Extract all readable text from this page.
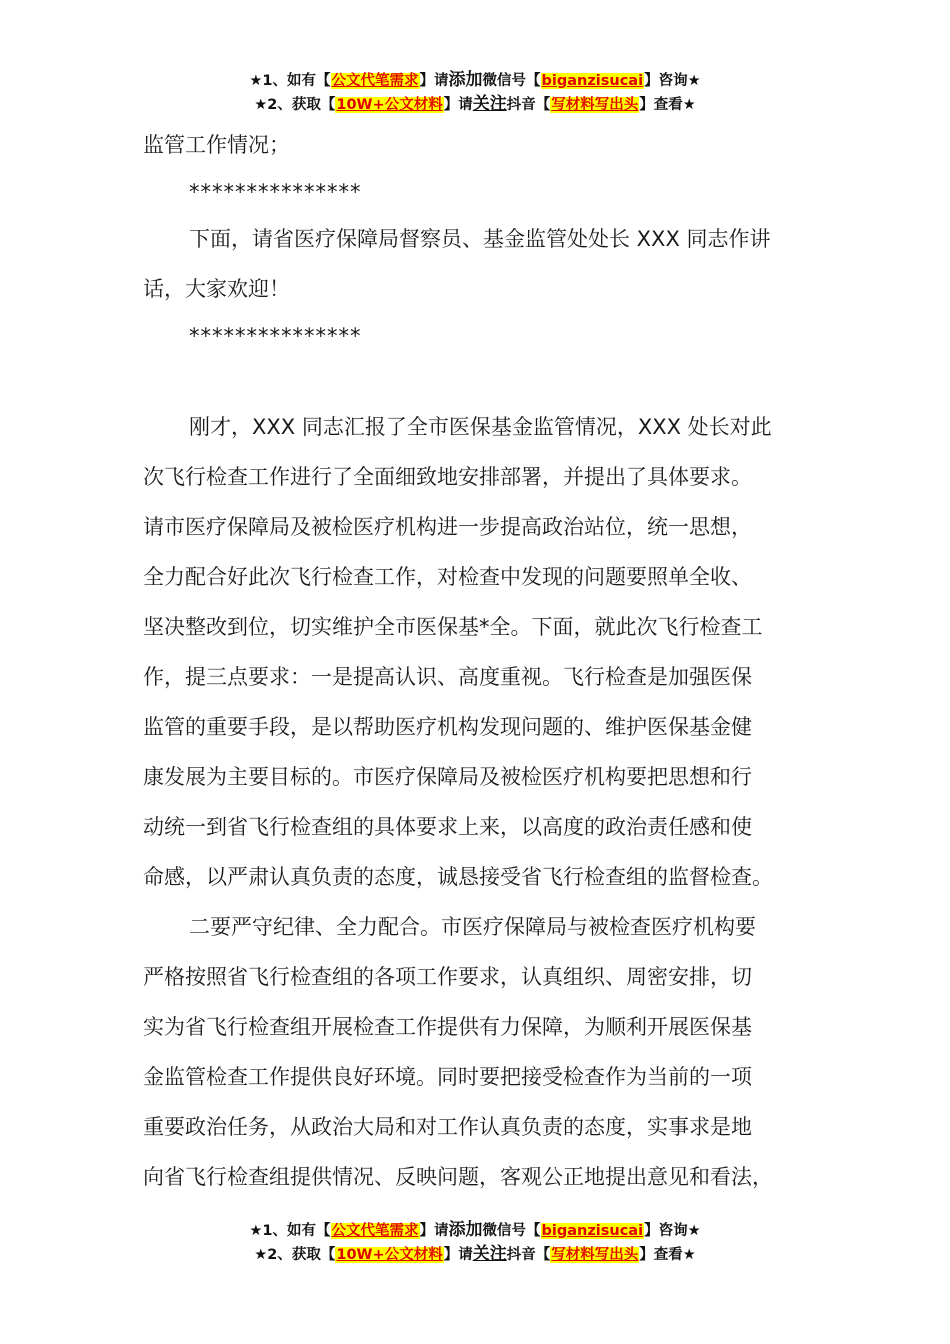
★1、如有【公文代笔需求】请添加微信号【biganzisucai】咨询★
★2、获取【10W+公文材料】请关注抖音【写材料写出头】查看★
监管工作情况；
***************
下面，请省医疗保障局督察员、基金监管处处长 XXX 同志作讲
话，大家欢迎！
***************
刚才，XXX 同志汇报了全市医保基金监管情况，XXX 处长对此
次飞行检查工作进行了全面细致地安排部署，并提出了具体要求。
请市医疗保障局及被检医疗机构进一步提高政治站位，统一思想，
全力配合好此次飞行检查工作，对检查中发现的问题要照单全收、
坚决整改到位，切实维护全市医保基*全。下面，就此次飞行检查工
作，提三点要求：一是提高认识、高度重视。飞行检查是加强医保
监管的重要手段，是以帮助医疗机构发现问题的、维护医保基金健
康发展为主要目标的。市医疗保障局及被检医疗机构要把思想和行
动统一到省飞行检查组的具体要求上来，以高度的政治责任感和使
命感，以严肃认真负责的态度，诚恳接受省飞行检查组的监督检查。
二要严守纪律、全力配合。市医疗保障局与被检查医疗机构要
严格按照省飞行检查组的各项工作要求，认真组织、周密安排，切
实为省飞行检查组开展检查工作提供有力保障，为顺利开展医保基
金监管检查工作提供良好环境。同时要把接受检查作为当前的一项
重要政治任务，从政治大局和对工作认真负责的态度，实事求是地
向省飞行检查组提供情况、反映问题，客观公正地提出意见和看法，
★1、如有【公文代笔需求】请添加微信号【biganzisucai】咨询★
★2、获取【10W+公文材料】请关注抖音【写材料写出头】查看★
